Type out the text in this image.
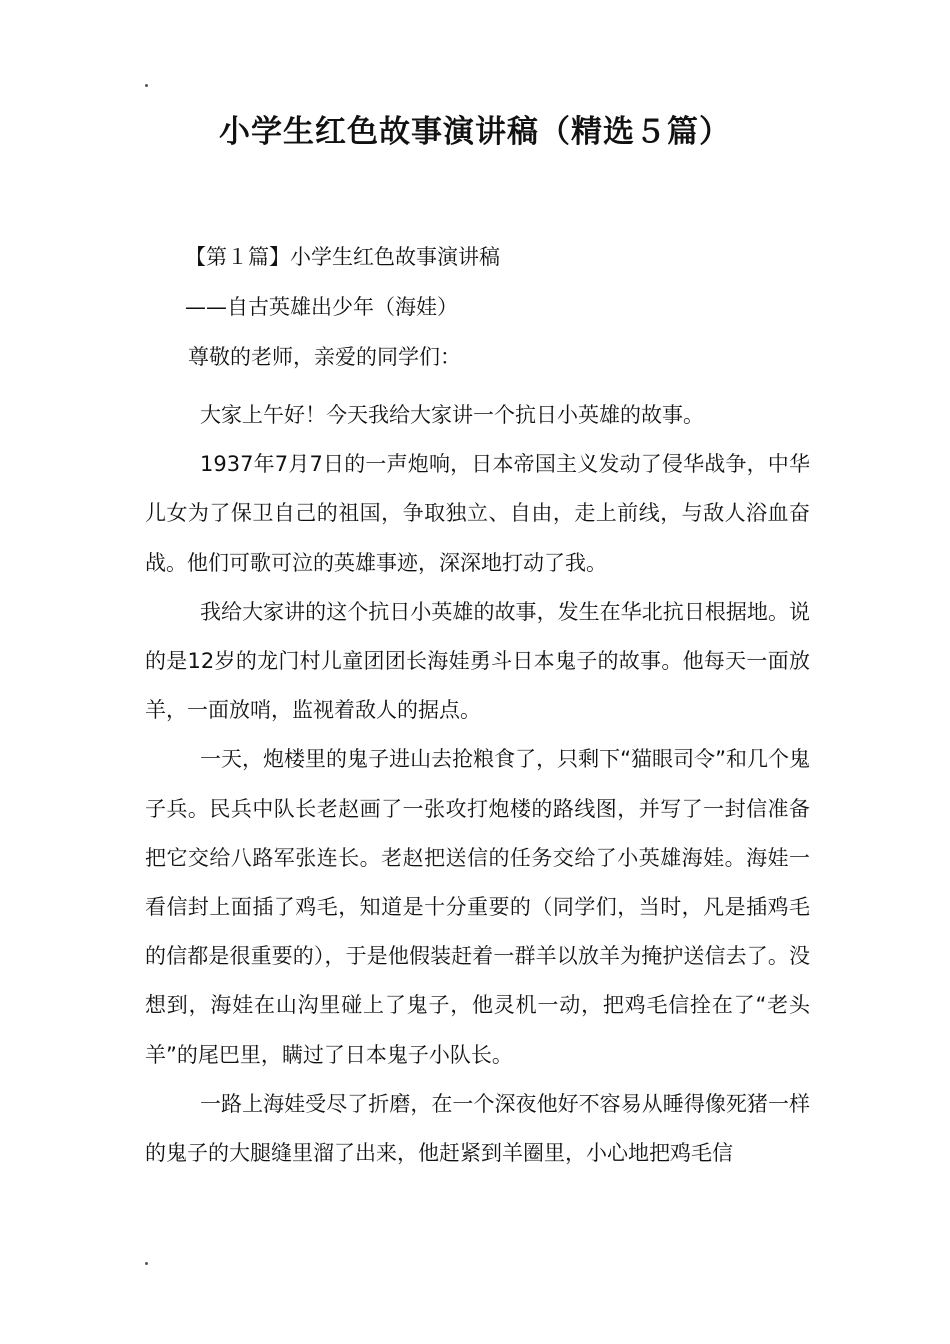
小学生红色故事演讲稿（精选５篇）
【第１篇】小学生红色故事演讲稿
——自古英雄出少年（海娃）
尊敬的老师，亲爱的同学们：

大家上午好！今天我给大家讲一个抗日小英雄的故事。

1937年7月7日的一声炮响，日本帝国主义发动了侵华战争，中华儿女为了保卫自己的祖国，争取独立、自由，走上前线，与敌人浴血奋战。他们可歌可泣的英雄事迹，深深地打动了我。

我给大家讲的这个抗日小英雄的故事，发生在华北抗日根据地。说的是12岁的龙门村儿童团团长海娃勇斗日本鬼子的故事。他每天一面放羊，一面放哨，监视着敌人的据点。

一天，炮楼里的鬼子进山去抢粮食了，只剩下“猫眼司令”和几个鬼子兵。民兵中队长老赵画了一张攻打炮楼的路线图，并写了一封信准备把它交给八路军张连长。老赵把送信的任务交给了小英雄海娃。海娃一看信封上面插了鸡毛，知道是十分重要的（同学们，当时，凡是插鸡毛的信都是很重要的），于是他假装赶着一群羊以放羊为掩护送信去了。没想到，海娃在山沟里碰上了鬼子，他灵机一动，把鸡毛信拴在了“老头羊”的尾巴里，瞒过了日本鬼子小队长。

一路上海娃受尽了折磨，在一个深夜他好不容易从睡得像死猪一样的鬼子的大腿缝里溜了出来，他赶紧到羊圈里，小心地把鸡毛信
